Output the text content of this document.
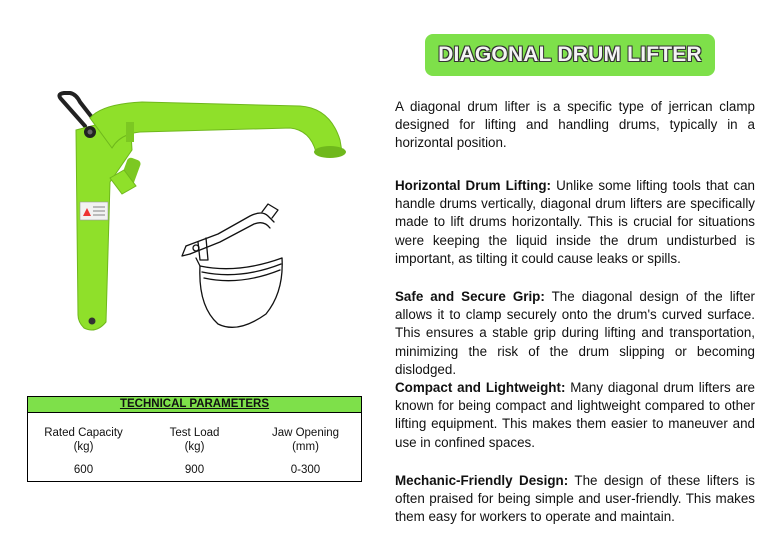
DIAGONAL DRUM LIFTER

A diagonal drum lifter is a specific type of jerrican clamp designed for lifting and handling drums, typically in a horizontal position.

Horizontal Drum Lifting: Unlike some lifting tools that can handle drums vertically, diagonal drum lifters are specifically made to lift drums horizontally. This is crucial for situations were keeping the liquid inside the drum undisturbed is important, as tilting it could cause leaks or spills.

Safe and Secure Grip: The diagonal design of the lifter allows it to clamp securely onto the drum's curved surface. This ensures a stable grip during lifting and transportation, minimizing the risk of the drum slipping or becoming dislodged.

Compact and Lightweight: Many diagonal drum lifters are known for being compact and lightweight compared to other lifting equipment. This makes them easier to maneuver and use in confined spaces.

Mechanic-Friendly Design: The design of these lifters is often praised for being simple and user-friendly. This makes them easy for workers to operate and maintain.

TECHNICAL PARAMETERS
Rated Capacity
(kg)
600
Test Load
(kg)
900
Jaw Opening
(mm)
0-300
